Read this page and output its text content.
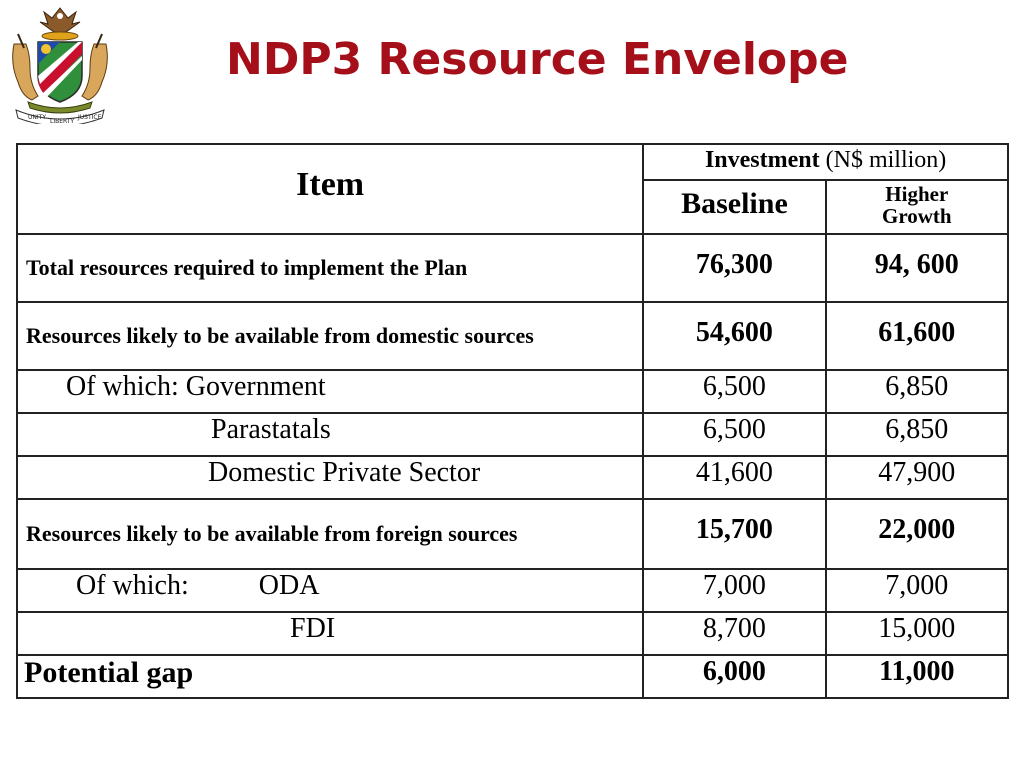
UNITY
LIBERTY
JUSTICE
NDP3 Resource Envelope
Item	Investment (N$ million)	
	Baseline	Higher
Growth
Total resources required to implement the Plan	76,300	94, 600
Resources likely to be available from domestic sources	54,600	61,600
Of which: Government	6,500	6,850
Parastatals	6,500	6,850
Domestic Private Sector	41,600	47,900
Resources likely to be available from foreign sources	15,700	22,000
Of which: ODA	7,000	7,000
FDI	8,700	15,000
Potential gap	6,000	11,000
